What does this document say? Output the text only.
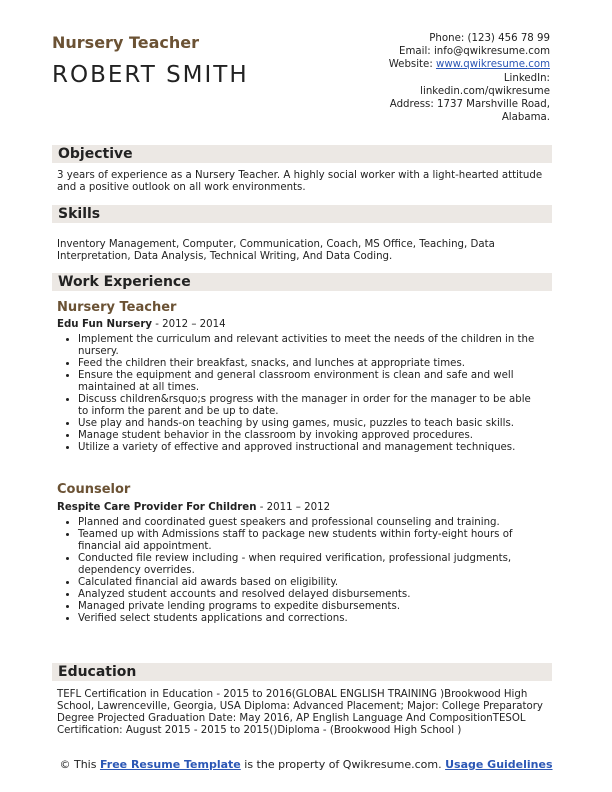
Nursery Teacher
ROBERT SMITH
Phone: (123) 456 78 99
Email: info@qwikresume.com
Website: www.qwikresume.com
LinkedIn:
linkedin.com/qwikresume
Address: 1737 Marshville Road,
Alabama.
Objective
3 years of experience as a Nursery Teacher. A highly social worker with a light-hearted attitude and a positive outlook on all work environments.
Skills
Inventory Management, Computer, Communication, Coach, MS Office, Teaching, Data Interpretation, Data Analysis, Technical Writing, And Data Coding.
Work Experience
Nursery Teacher
Edu Fun Nursery - 2012 – 2014
• Implement the curriculum and relevant activities to meet the needs of the children in the nursery.
• Feed the children their breakfast, snacks, and lunches at appropriate times.
• Ensure the equipment and general classroom environment is clean and safe and well maintained at all times.
• Discuss children&rsquo;s progress with the manager in order for the manager to be able to inform the parent and be up to date.
• Use play and hands-on teaching by using games, music, puzzles to teach basic skills.
• Manage student behavior in the classroom by invoking approved procedures.
• Utilize a variety of effective and approved instructional and management techniques.
Counselor
Respite Care Provider For Children - 2011 – 2012
• Planned and coordinated guest speakers and professional counseling and training.
• Teamed up with Admissions staff to package new students within forty-eight hours of financial aid appointment.
• Conducted file review including - when required verification, professional judgments, dependency overrides.
• Calculated financial aid awards based on eligibility.
• Analyzed student accounts and resolved delayed disbursements.
• Managed private lending programs to expedite disbursements.
• Verified select students applications and corrections.
Education
TEFL Certification in Education - 2015 to 2016(GLOBAL ENGLISH TRAINING )Brookwood High School, Lawrenceville, Georgia, USA Diploma: Advanced Placement; Major: College Preparatory Degree Projected Graduation Date: May 2016, AP English Language And CompositionTESOL Certification: August 2015 - 2015 to 2015()Diploma - (Brookwood High School )
© This Free Resume Template is the property of Qwikresume.com. Usage Guidelines
